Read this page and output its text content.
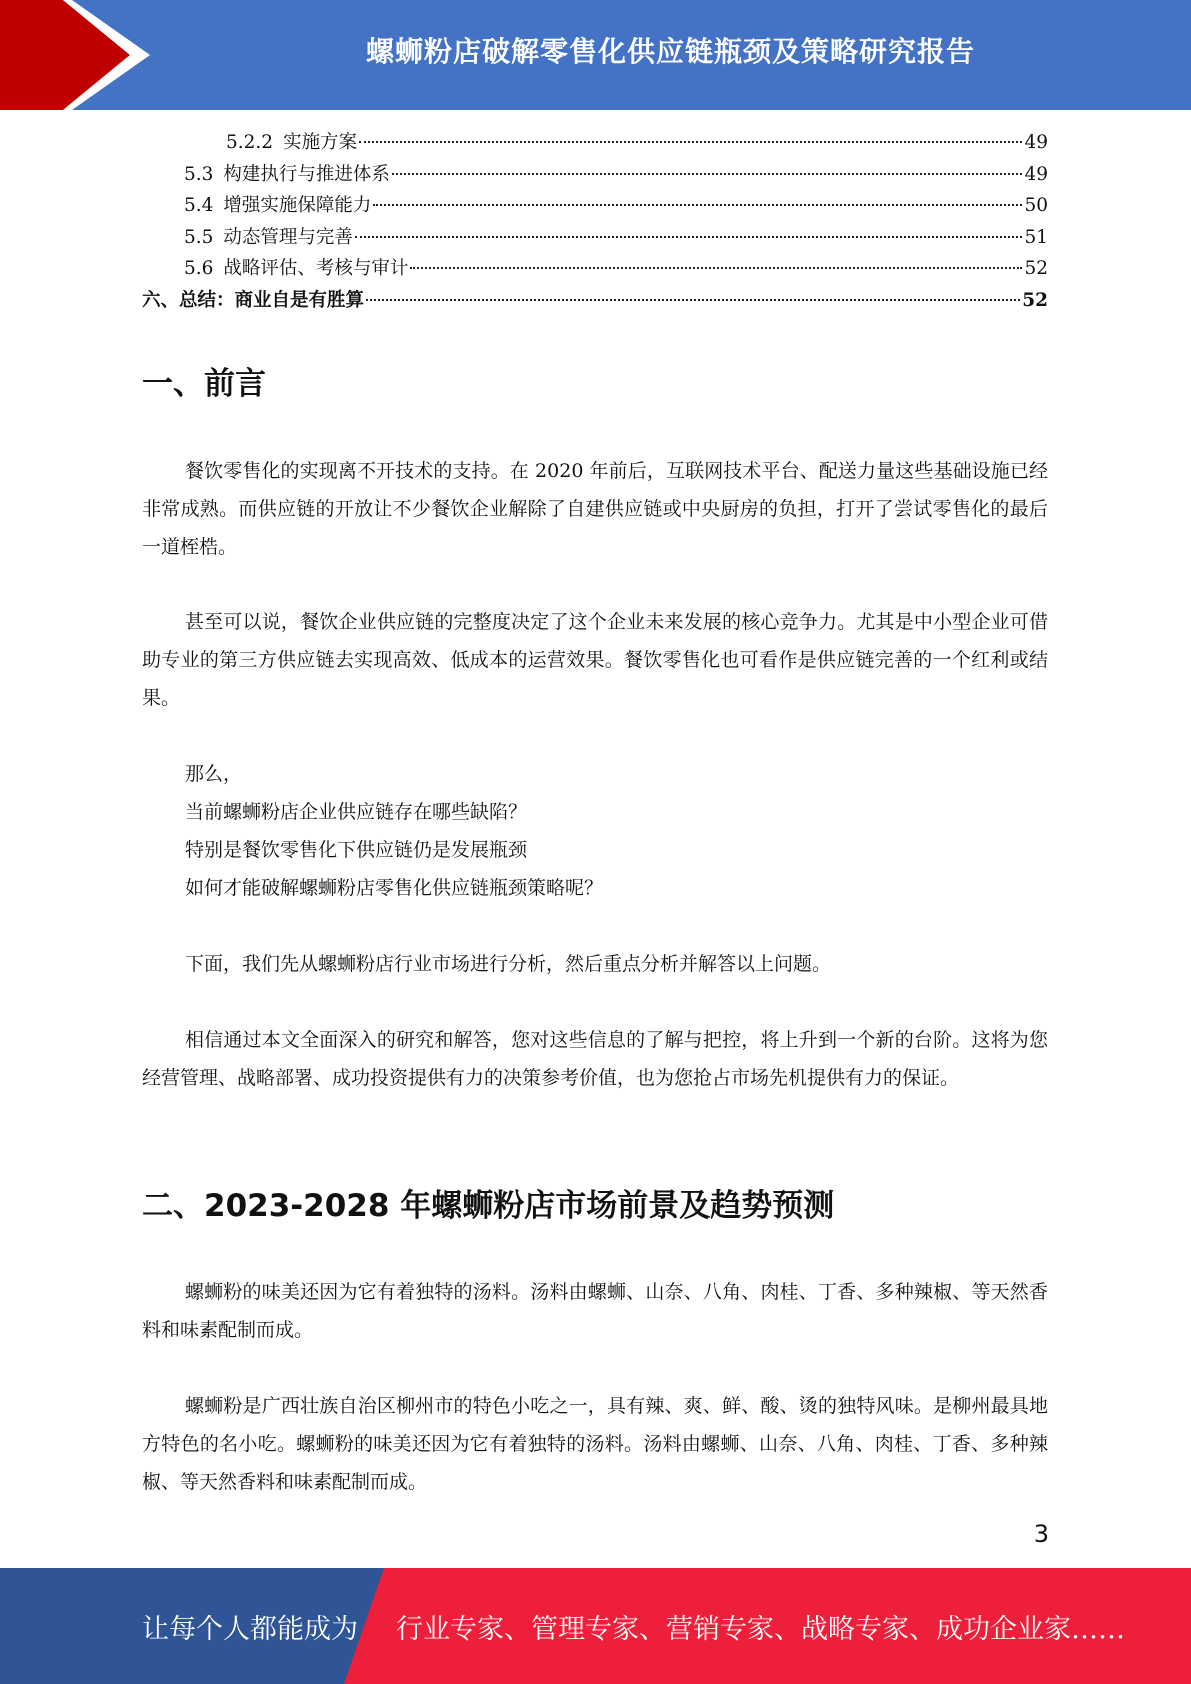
螺蛳粉店破解零售化供应链瓶颈及策略研究报告
5.2.2 实施方案	49
5.3 构建执行与推进体系	49
5.4 增强实施保障能力	50
5.5 动态管理与完善	51
5.6 战略评估、考核与审计	52
六、总结：商业自是有胜算	52
一、前言

餐饮零售化的实现离不开技术的支持。在 2020 年前后，互联网技术平台、配送力量这些基础设施已经非常成熟。而供应链的开放让不少餐饮企业解除了自建供应链或中央厨房的负担，打开了尝试零售化的最后一道桎梏。

甚至可以说，餐饮企业供应链的完整度决定了这个企业未来发展的核心竞争力。尤其是中小型企业可借助专业的第三方供应链去实现高效、低成本的运营效果。餐饮零售化也可看作是供应链完善的一个红利或结果。

那么，
当前螺蛳粉店企业供应链存在哪些缺陷？
特别是餐饮零售化下供应链仍是发展瓶颈
如何才能破解螺蛳粉店零售化供应链瓶颈策略呢？

下面，我们先从螺蛳粉店行业市场进行分析，然后重点分析并解答以上问题。

相信通过本文全面深入的研究和解答，您对这些信息的了解与把控，将上升到一个新的台阶。这将为您经营管理、战略部署、成功投资提供有力的决策参考价值，也为您抢占市场先机提供有力的保证。

二、2023-2028 年螺蛳粉店市场前景及趋势预测

螺蛳粉的味美还因为它有着独特的汤料。汤料由螺蛳、山奈、八角、肉桂、丁香、多种辣椒、等天然香料和味素配制而成。

螺蛳粉是广西壮族自治区柳州市的特色小吃之一，具有辣、爽、鲜、酸、烫的独特风味。是柳州最具地方特色的名小吃。螺蛳粉的味美还因为它有着独特的汤料。汤料由螺蛳、山奈、八角、肉桂、丁香、多种辣椒、等天然香料和味素配制而成。

3
让每个人都能成为 行业专家、管理专家、营销专家、战略专家、成功企业家……
